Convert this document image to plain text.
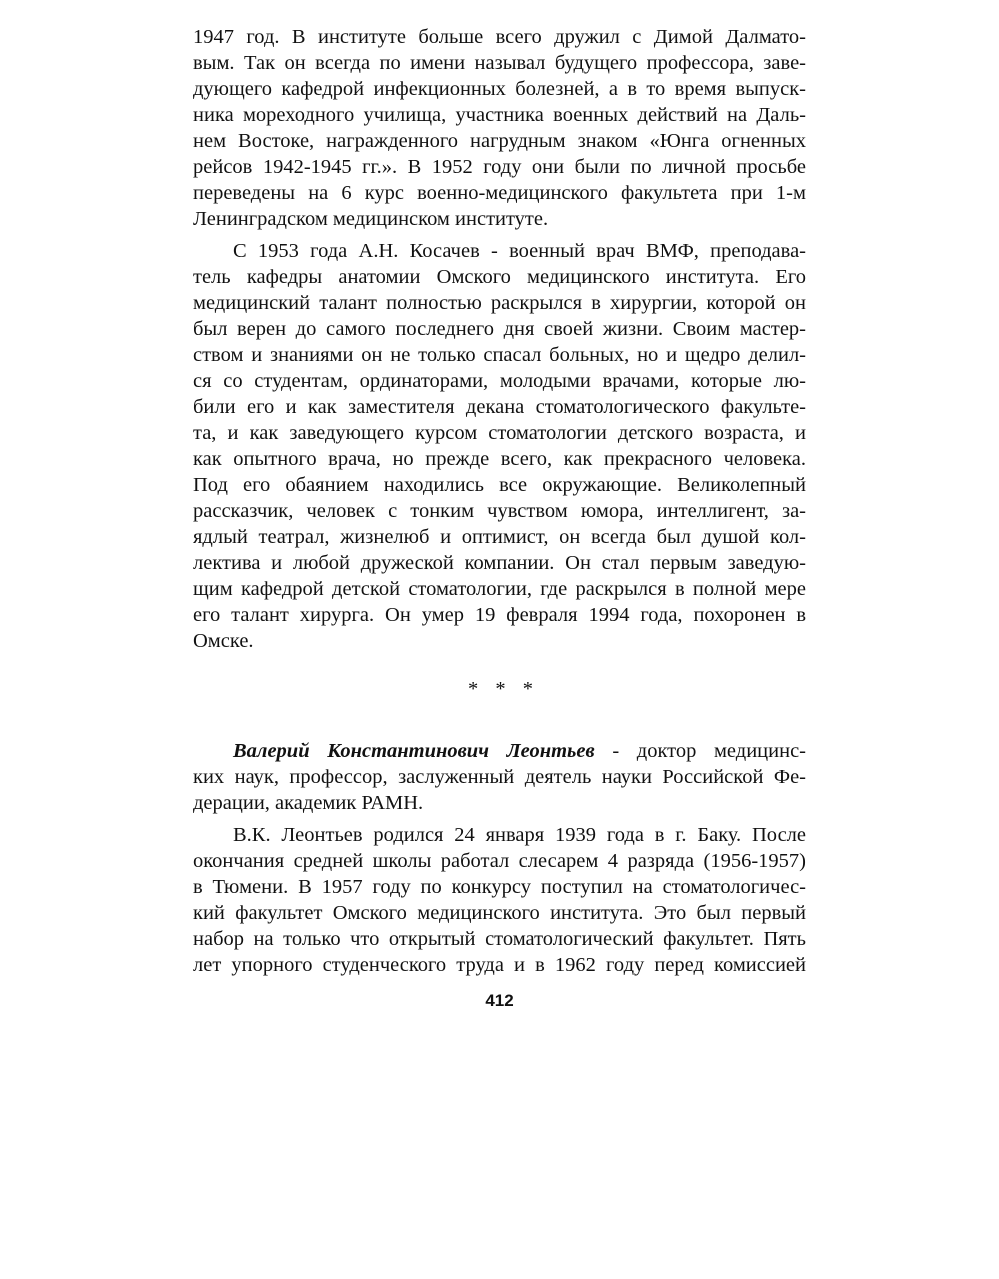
1947 год. В институте больше всего дружил с Димой Далмато-
вым. Так он всегда по имени называл будущего профессора, заве-
дующего кафедрой инфекционных болезней, а в то время выпуск-
ника мореходного училища, участника военных действий на Даль-
нем Востоке, награжденного нагрудным знаком «Юнга огненных
рейсов 1942-1945 гг.». В 1952 году они были по личной просьбе
переведены на 6 курс военно-медицинского факультета при 1-м
Ленинградском медицинском институте.
С 1953 года А.Н. Косачев - военный врач ВМФ, преподава-
тель кафедры анатомии Омского медицинского института. Его
медицинский талант полностью раскрылся в хирургии, которой он
был верен до самого последнего дня своей жизни. Своим мастер-
ством и знаниями он не только спасал больных, но и щедро делил-
ся со студентам, ординаторами, молодыми врачами, которые лю-
били его и как заместителя декана стоматологического факульте-
та, и как заведующего курсом стоматологии детского возраста, и
как опытного врача, но прежде всего, как прекрасного человека.
Под его обаянием находились все окружающие. Великолепный
рассказчик, человек с тонким чувством юмора, интеллигент, за-
ядлый театрал, жизнелюб и оптимист, он всегда был душой кол-
лектива и любой дружеской компании. Он стал первым заведую-
щим кафедрой детской стоматологии, где раскрылся в полной мере
его талант хирурга. Он умер 19 февраля 1994 года, похоронен в
Омске.
* * *
Валерий Константинович Леонтьев - доктор медицинс-
ких наук, профессор, заслуженный деятель науки Российской Фе-
дерации, академик РАМН.
В.К. Леонтьев родился 24 января 1939 года в г. Баку. После
окончания средней школы работал слесарем 4 разряда (1956-1957)
в Тюмени. В 1957 году по конкурсу поступил на стоматологичес-
кий факультет Омского медицинского института. Это был первый
набор на только что открытый стоматологический факультет. Пять
лет упорного студенческого труда и в 1962 году перед комиссией
412
